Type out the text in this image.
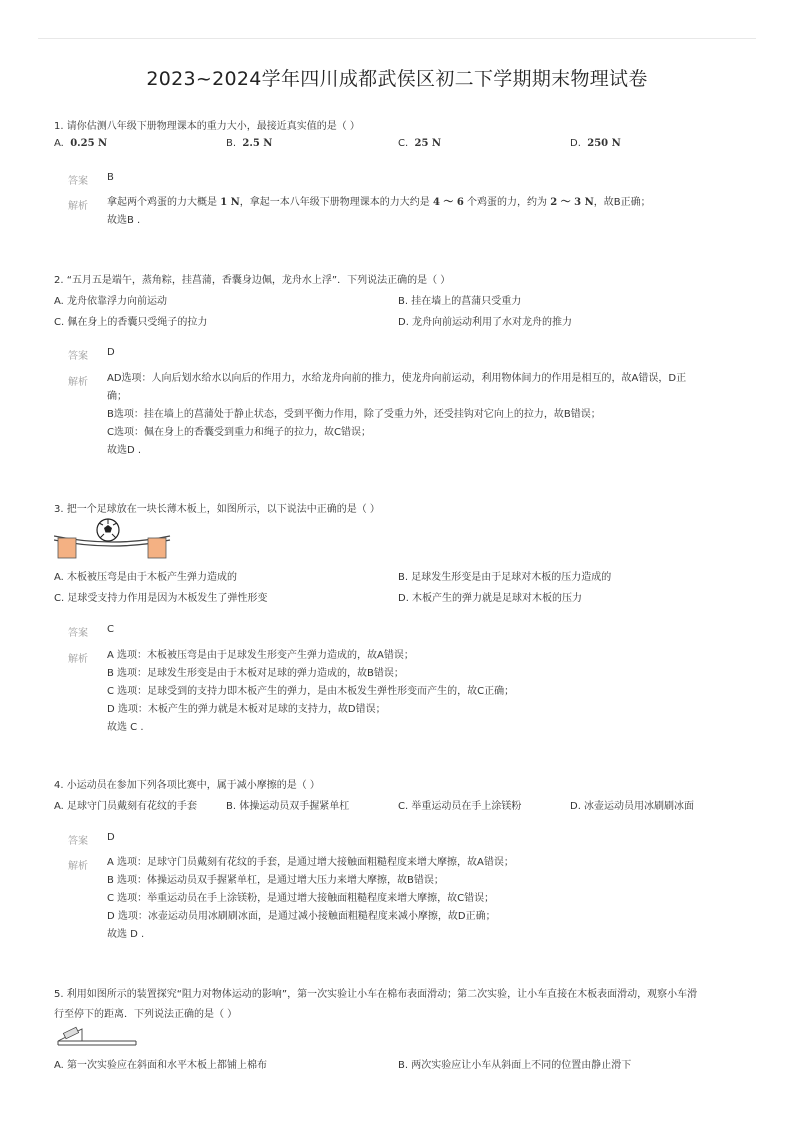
2023~2024学年四川成都武侯区初二下学期期末物理试卷
1. 请你估测八年级下册物理课本的重力大小，最接近真实值的是（ ）
A. 0.25 N	B. 2.5 N	C. 25 N	D. 250 N
答案 B
解析 拿起两个鸡蛋的力大概是 1 N，拿起一本八年级下册物理课本的力大约是 4 ～ 6 个鸡蛋的力，约为 2 ～ 3 N，故B正确；
故选B .
2. “五月五是端午，蒸角粽，挂菖蒲，香囊身边佩，龙舟水上浮”．下列说法正确的是（ ）
A. 龙舟依靠浮力向前运动	B. 挂在墙上的菖蒲只受重力
C. 佩在身上的香囊只受绳子的拉力	D. 龙舟向前运动利用了水对龙舟的推力
答案 D
解析 AD选项：人向后划水给水以向后的作用力，水给龙舟向前的推力，使龙舟向前运动，利用物体间力的作用是相互的，故A错误，D正
确；
B选项：挂在墙上的菖蒲处于静止状态，受到平衡力作用，除了受重力外，还受挂钩对它向上的拉力，故B错误；
C选项：佩在身上的香囊受到重力和绳子的拉力，故C错误；
故选D .
3. 把一个足球放在一块长薄木板上，如图所示，以下说法中正确的是（ ）
A. 木板被压弯是由于木板产生弹力造成的	B. 足球发生形变是由于足球对木板的压力造成的
C. 足球受支持力作用是因为木板发生了弹性形变	D. 木板产生的弹力就是足球对木板的压力
答案 C
解析 A 选项：木板被压弯是由于足球发生形变产生弹力造成的，故A错误；
B 选项：足球发生形变是由于木板对足球的弹力造成的，故B错误；
C 选项：足球受到的支持力即木板产生的弹力，是由木板发生弹性形变而产生的，故C正确；
D 选项：木板产生的弹力就是木板对足球的支持力，故D错误；
故选 C .
4. 小运动员在参加下列各项比赛中，属于减小摩擦的是（ ）
A. 足球守门员戴刻有花纹的手套	B. 体操运动员双手握紧单杠	C. 举重运动员在手上涂镁粉	D. 冰壶运动员用冰刷刷冰面
答案 D
解析 A 选项：足球守门员戴刻有花纹的手套，是通过增大接触面粗糙程度来增大摩擦，故A错误；
B 选项：体操运动员双手握紧单杠，是通过增大压力来增大摩擦，故B错误；
C 选项：举重运动员在手上涂镁粉，是通过增大接触面粗糙程度来增大摩擦，故C错误；
D 选项：冰壶运动员用冰刷刷冰面，是通过减小接触面粗糙程度来减小摩擦，故D正确；
故选 D .
5. 利用如图所示的装置探究“阻力对物体运动的影响”，第一次实验让小车在棉布表面滑动；第二次实验，让小车直接在木板表面滑动，观察小车滑
行至停下的距离．下列说法正确的是（ ）
A. 第一次实验应在斜面和水平木板上都铺上棉布	B. 两次实验应让小车从斜面上不同的位置由静止滑下
